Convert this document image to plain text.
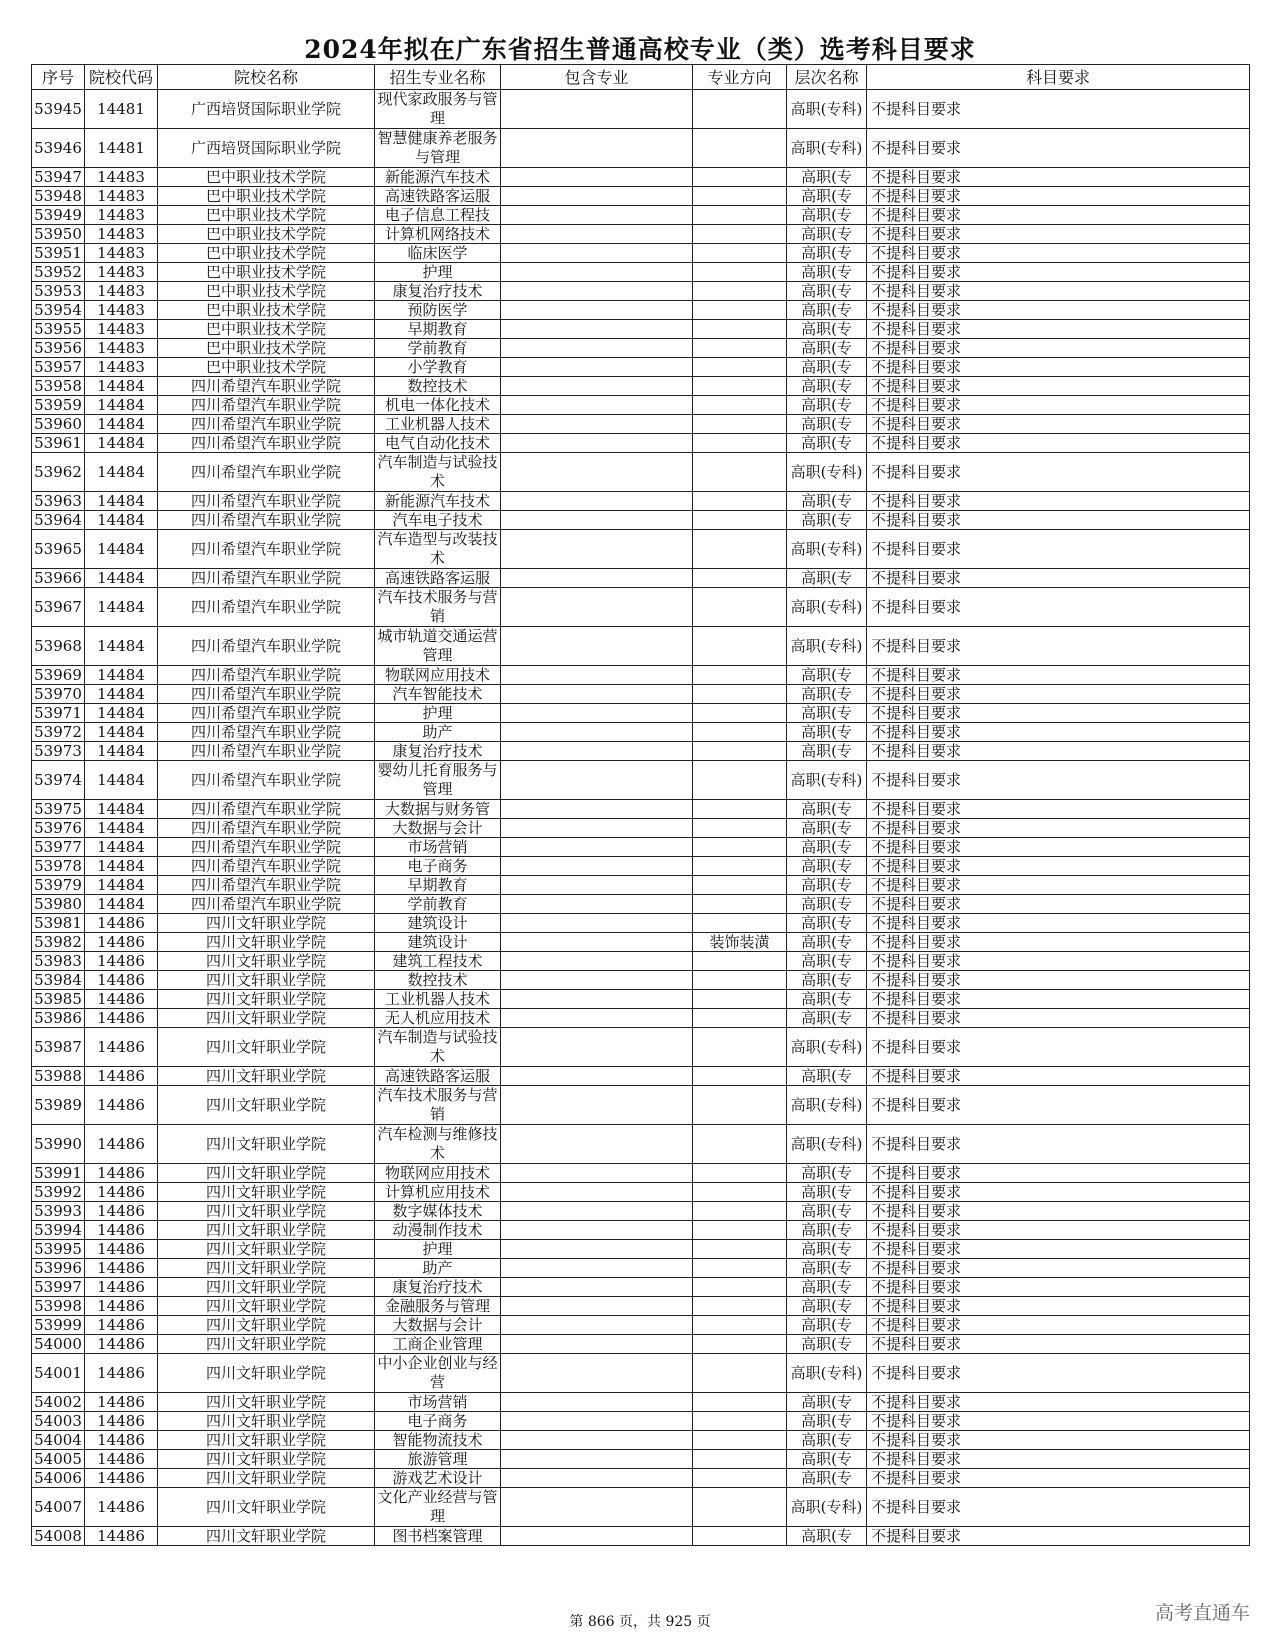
2024年拟在广东省招生普通高校专业（类）选考科目要求
序号	院校代码	院校名称	招生专业名称	包含专业	专业方向	层次名称	科目要求
53945	14481	广西培贤国际职业学院	现代家政服务与管理			高职(专科)	不提科目要求
53946	14481	广西培贤国际职业学院	智慧健康养老服务与管理			高职(专科)	不提科目要求
53947	14483	巴中职业技术学院	新能源汽车技术			高职(专	不提科目要求
53948	14483	巴中职业技术学院	高速铁路客运服			高职(专	不提科目要求
53949	14483	巴中职业技术学院	电子信息工程技			高职(专	不提科目要求
53950	14483	巴中职业技术学院	计算机网络技术			高职(专	不提科目要求
53951	14483	巴中职业技术学院	临床医学			高职(专	不提科目要求
53952	14483	巴中职业技术学院	护理			高职(专	不提科目要求
53953	14483	巴中职业技术学院	康复治疗技术			高职(专	不提科目要求
53954	14483	巴中职业技术学院	预防医学			高职(专	不提科目要求
53955	14483	巴中职业技术学院	早期教育			高职(专	不提科目要求
53956	14483	巴中职业技术学院	学前教育			高职(专	不提科目要求
53957	14483	巴中职业技术学院	小学教育			高职(专	不提科目要求
53958	14484	四川希望汽车职业学院	数控技术			高职(专	不提科目要求
53959	14484	四川希望汽车职业学院	机电一体化技术			高职(专	不提科目要求
53960	14484	四川希望汽车职业学院	工业机器人技术			高职(专	不提科目要求
53961	14484	四川希望汽车职业学院	电气自动化技术			高职(专	不提科目要求
53962	14484	四川希望汽车职业学院	汽车制造与试验技术			高职(专科)	不提科目要求
53963	14484	四川希望汽车职业学院	新能源汽车技术			高职(专	不提科目要求
53964	14484	四川希望汽车职业学院	汽车电子技术			高职(专	不提科目要求
53965	14484	四川希望汽车职业学院	汽车造型与改装技术			高职(专科)	不提科目要求
53966	14484	四川希望汽车职业学院	高速铁路客运服			高职(专	不提科目要求
53967	14484	四川希望汽车职业学院	汽车技术服务与营销			高职(专科)	不提科目要求
53968	14484	四川希望汽车职业学院	城市轨道交通运营管理			高职(专科)	不提科目要求
53969	14484	四川希望汽车职业学院	物联网应用技术			高职(专	不提科目要求
53970	14484	四川希望汽车职业学院	汽车智能技术			高职(专	不提科目要求
53971	14484	四川希望汽车职业学院	护理			高职(专	不提科目要求
53972	14484	四川希望汽车职业学院	助产			高职(专	不提科目要求
53973	14484	四川希望汽车职业学院	康复治疗技术			高职(专	不提科目要求
53974	14484	四川希望汽车职业学院	婴幼儿托育服务与管理			高职(专科)	不提科目要求
53975	14484	四川希望汽车职业学院	大数据与财务管			高职(专	不提科目要求
53976	14484	四川希望汽车职业学院	大数据与会计			高职(专	不提科目要求
53977	14484	四川希望汽车职业学院	市场营销			高职(专	不提科目要求
53978	14484	四川希望汽车职业学院	电子商务			高职(专	不提科目要求
53979	14484	四川希望汽车职业学院	早期教育			高职(专	不提科目要求
53980	14484	四川希望汽车职业学院	学前教育			高职(专	不提科目要求
53981	14486	四川文轩职业学院	建筑设计			高职(专	不提科目要求
53982	14486	四川文轩职业学院	建筑设计		装饰装潢	高职(专	不提科目要求
53983	14486	四川文轩职业学院	建筑工程技术			高职(专	不提科目要求
53984	14486	四川文轩职业学院	数控技术			高职(专	不提科目要求
53985	14486	四川文轩职业学院	工业机器人技术			高职(专	不提科目要求
53986	14486	四川文轩职业学院	无人机应用技术			高职(专	不提科目要求
53987	14486	四川文轩职业学院	汽车制造与试验技术			高职(专科)	不提科目要求
53988	14486	四川文轩职业学院	高速铁路客运服			高职(专	不提科目要求
53989	14486	四川文轩职业学院	汽车技术服务与营销			高职(专科)	不提科目要求
53990	14486	四川文轩职业学院	汽车检测与维修技术			高职(专科)	不提科目要求
53991	14486	四川文轩职业学院	物联网应用技术			高职(专	不提科目要求
53992	14486	四川文轩职业学院	计算机应用技术			高职(专	不提科目要求
53993	14486	四川文轩职业学院	数字媒体技术			高职(专	不提科目要求
53994	14486	四川文轩职业学院	动漫制作技术			高职(专	不提科目要求
53995	14486	四川文轩职业学院	护理			高职(专	不提科目要求
53996	14486	四川文轩职业学院	助产			高职(专	不提科目要求
53997	14486	四川文轩职业学院	康复治疗技术			高职(专	不提科目要求
53998	14486	四川文轩职业学院	金融服务与管理			高职(专	不提科目要求
53999	14486	四川文轩职业学院	大数据与会计			高职(专	不提科目要求
54000	14486	四川文轩职业学院	工商企业管理			高职(专	不提科目要求
54001	14486	四川文轩职业学院	中小企业创业与经营			高职(专科)	不提科目要求
54002	14486	四川文轩职业学院	市场营销			高职(专	不提科目要求
54003	14486	四川文轩职业学院	电子商务			高职(专	不提科目要求
54004	14486	四川文轩职业学院	智能物流技术			高职(专	不提科目要求
54005	14486	四川文轩职业学院	旅游管理			高职(专	不提科目要求
54006	14486	四川文轩职业学院	游戏艺术设计			高职(专	不提科目要求
54007	14486	四川文轩职业学院	文化产业经营与管理			高职(专科)	不提科目要求
54008	14486	四川文轩职业学院	图书档案管理			高职(专	不提科目要求
第 866 页，共 925 页	高考直通车
